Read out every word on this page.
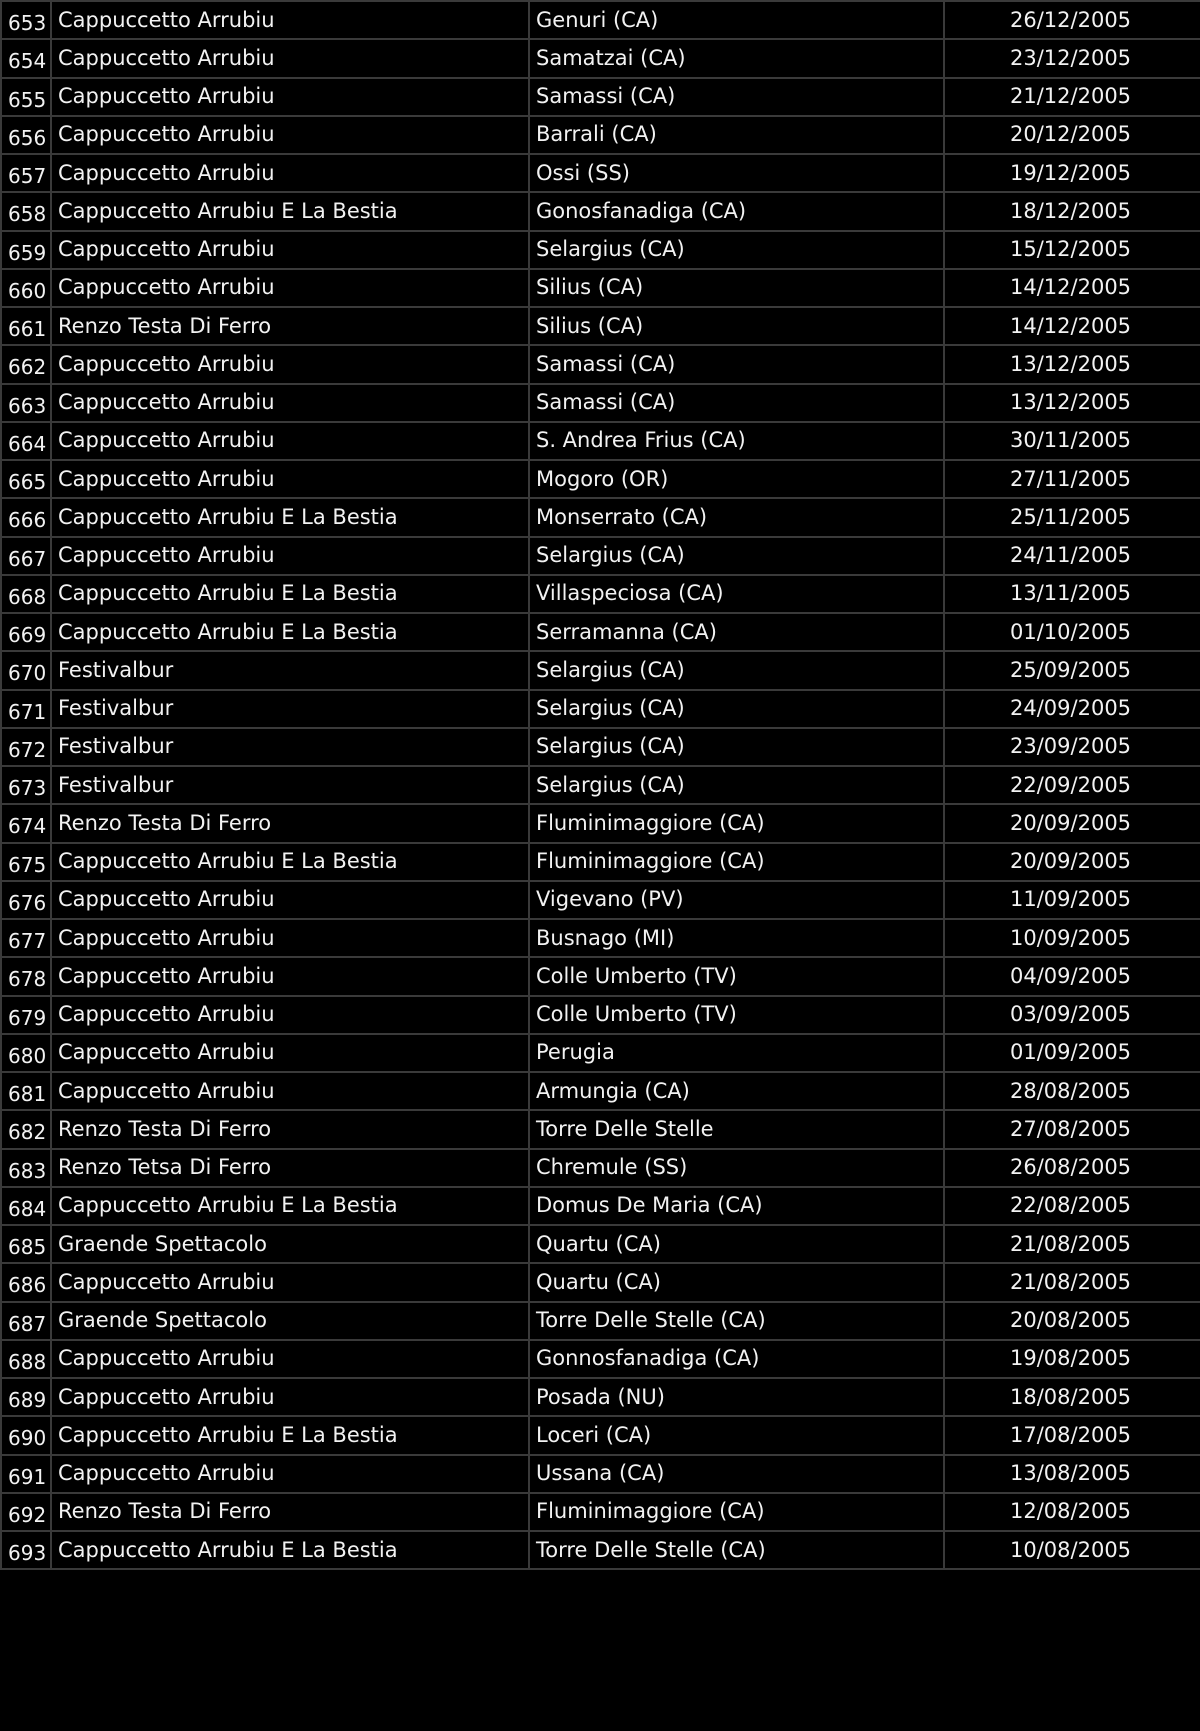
653	Cappuccetto Arrubiu	Genuri (CA)	26/12/2005
654	Cappuccetto Arrubiu	Samatzai (CA)	23/12/2005
655	Cappuccetto Arrubiu	Samassi (CA)	21/12/2005
656	Cappuccetto Arrubiu	Barrali (CA)	20/12/2005
657	Cappuccetto Arrubiu	Ossi (SS)	19/12/2005
658	Cappuccetto Arrubiu E La Bestia	Gonosfanadiga (CA)	18/12/2005
659	Cappuccetto Arrubiu	Selargius (CA)	15/12/2005
660	Cappuccetto Arrubiu	Silius (CA)	14/12/2005
661	Renzo Testa Di Ferro	Silius (CA)	14/12/2005
662	Cappuccetto Arrubiu	Samassi (CA)	13/12/2005
663	Cappuccetto Arrubiu	Samassi (CA)	13/12/2005
664	Cappuccetto Arrubiu	S. Andrea Frius (CA)	30/11/2005
665	Cappuccetto Arrubiu	Mogoro (OR)	27/11/2005
666	Cappuccetto Arrubiu E La Bestia	Monserrato (CA)	25/11/2005
667	Cappuccetto Arrubiu	Selargius (CA)	24/11/2005
668	Cappuccetto Arrubiu E La Bestia	Villaspeciosa (CA)	13/11/2005
669	Cappuccetto Arrubiu E La Bestia	Serramanna (CA)	01/10/2005
670	Festivalbur	Selargius (CA)	25/09/2005
671	Festivalbur	Selargius (CA)	24/09/2005
672	Festivalbur	Selargius (CA)	23/09/2005
673	Festivalbur	Selargius (CA)	22/09/2005
674	Renzo Testa Di Ferro	Fluminimaggiore (CA)	20/09/2005
675	Cappuccetto Arrubiu E La Bestia	Fluminimaggiore (CA)	20/09/2005
676	Cappuccetto Arrubiu	Vigevano (PV)	11/09/2005
677	Cappuccetto Arrubiu	Busnago (MI)	10/09/2005
678	Cappuccetto Arrubiu	Colle Umberto (TV)	04/09/2005
679	Cappuccetto Arrubiu	Colle Umberto (TV)	03/09/2005
680	Cappuccetto Arrubiu	Perugia	01/09/2005
681	Cappuccetto Arrubiu	Armungia (CA)	28/08/2005
682	Renzo Testa Di Ferro	Torre Delle Stelle	27/08/2005
683	Renzo Tetsa Di Ferro	Chremule (SS)	26/08/2005
684	Cappuccetto Arrubiu E La Bestia	Domus De Maria (CA)	22/08/2005
685	Graende Spettacolo	Quartu (CA)	21/08/2005
686	Cappuccetto Arrubiu	Quartu (CA)	21/08/2005
687	Graende Spettacolo	Torre Delle Stelle (CA)	20/08/2005
688	Cappuccetto Arrubiu	Gonnosfanadiga (CA)	19/08/2005
689	Cappuccetto Arrubiu	Posada (NU)	18/08/2005
690	Cappuccetto Arrubiu E La Bestia	Loceri (CA)	17/08/2005
691	Cappuccetto Arrubiu	Ussana (CA)	13/08/2005
692	Renzo Testa Di Ferro	Fluminimaggiore (CA)	12/08/2005
693	Cappuccetto Arrubiu E La Bestia	Torre Delle Stelle (CA)	10/08/2005
